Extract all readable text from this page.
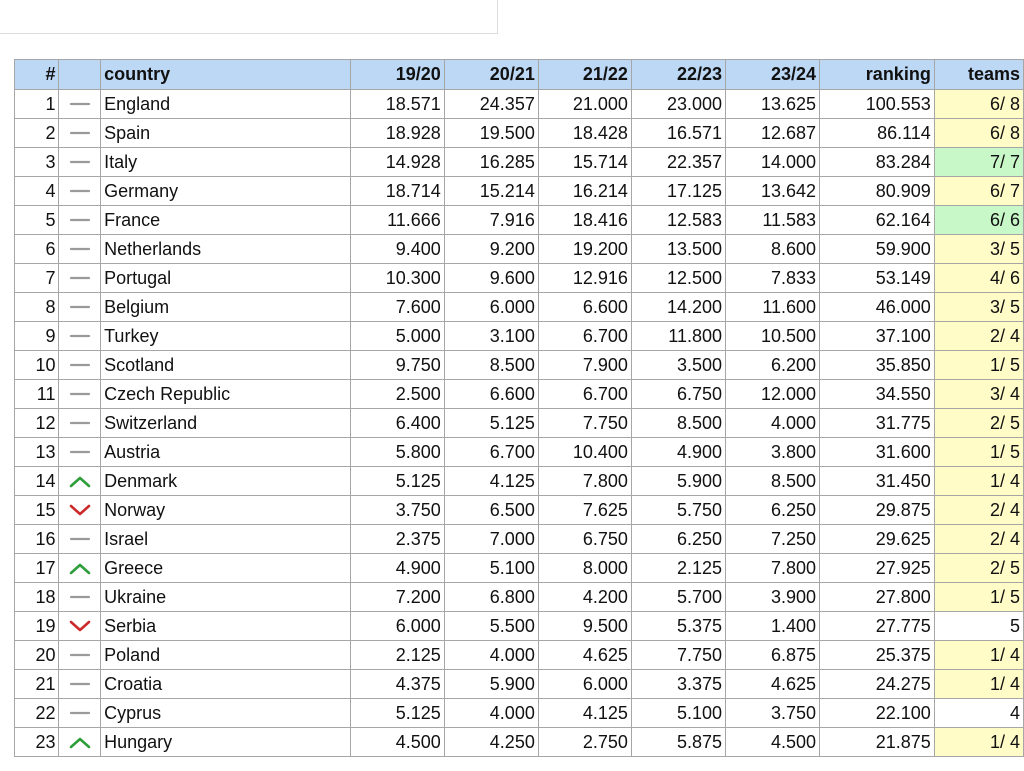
#		country	19/20	20/21	21/22	22/23	23/24	ranking	teams
1		England	18.571	24.357	21.000	23.000	13.625	100.553	6/ 8
2		Spain	18.928	19.500	18.428	16.571	12.687	86.114	6/ 8
3		Italy	14.928	16.285	15.714	22.357	14.000	83.284	7/ 7
4		Germany	18.714	15.214	16.214	17.125	13.642	80.909	6/ 7
5		France	11.666	7.916	18.416	12.583	11.583	62.164	6/ 6
6		Netherlands	9.400	9.200	19.200	13.500	8.600	59.900	3/ 5
7		Portugal	10.300	9.600	12.916	12.500	7.833	53.149	4/ 6
8		Belgium	7.600	6.000	6.600	14.200	11.600	46.000	3/ 5
9		Turkey	5.000	3.100	6.700	11.800	10.500	37.100	2/ 4
10		Scotland	9.750	8.500	7.900	3.500	6.200	35.850	1/ 5
11		Czech Republic	2.500	6.600	6.700	6.750	12.000	34.550	3/ 4
12		Switzerland	6.400	5.125	7.750	8.500	4.000	31.775	2/ 5
13		Austria	5.800	6.700	10.400	4.900	3.800	31.600	1/ 5
14		Denmark	5.125	4.125	7.800	5.900	8.500	31.450	1/ 4
15		Norway	3.750	6.500	7.625	5.750	6.250	29.875	2/ 4
16		Israel	2.375	7.000	6.750	6.250	7.250	29.625	2/ 4
17		Greece	4.900	5.100	8.000	2.125	7.800	27.925	2/ 5
18		Ukraine	7.200	6.800	4.200	5.700	3.900	27.800	1/ 5
19		Serbia	6.000	5.500	9.500	5.375	1.400	27.775	5
20		Poland	2.125	4.000	4.625	7.750	6.875	25.375	1/ 4
21		Croatia	4.375	5.900	6.000	3.375	4.625	24.275	1/ 4
22		Cyprus	5.125	4.000	4.125	5.100	3.750	22.100	4
23		Hungary	4.500	4.250	2.750	5.875	4.500	21.875	1/ 4
